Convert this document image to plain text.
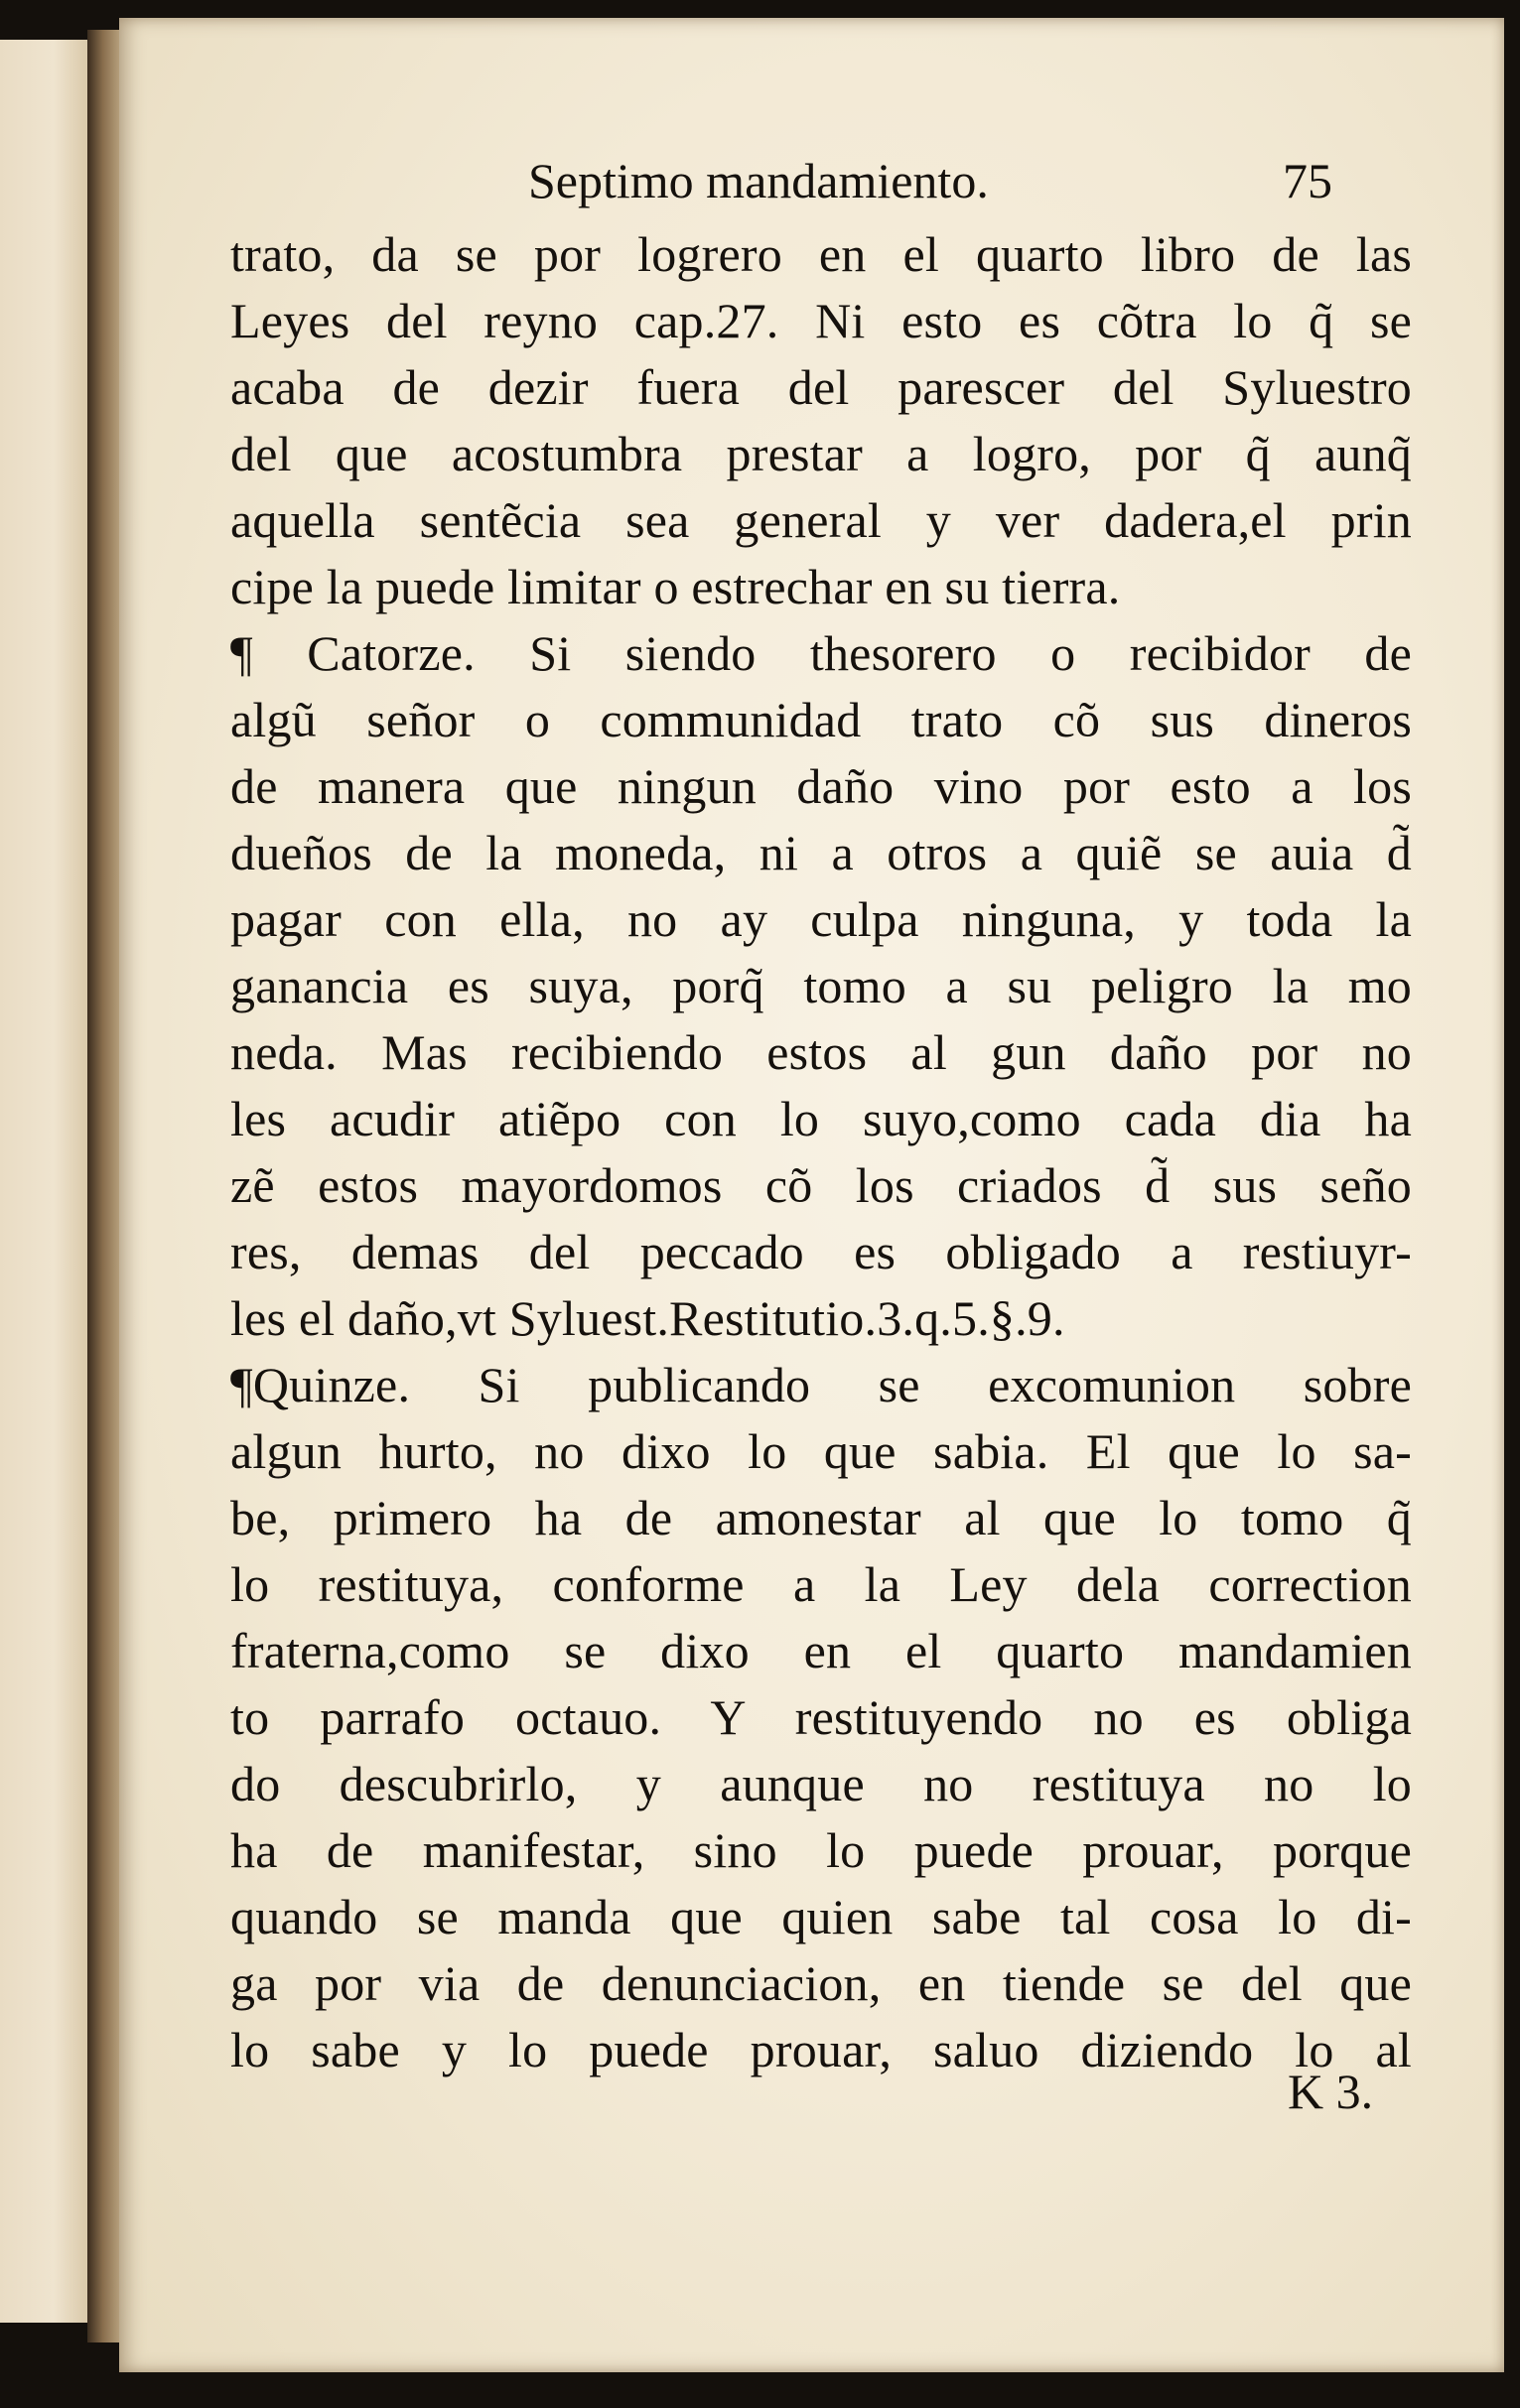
Septimo mandamiento.	75
trato, da se por logrero en el quarto libro de las
Leyes del reyno cap.27. Ni esto es cõtra lo q̃ se
acaba de dezir fuera del parescer del Syluestro
del que acostumbra prestar a logro, por q̃ aunq̃
aquella sentẽcia sea general y ver dadera,el prin
cipe la puede limitar o estrechar en su tierra.
¶ Catorze. Si siendo thesorero o recibidor de
algũ señor o communidad trato cõ sus dineros
de manera que ningun daño vino por esto a los
dueños de la moneda, ni a otros a quiẽ se auia d̃
pagar con ella, no ay culpa ninguna, y toda la
ganancia es suya, porq̃ tomo a su peligro la mo
neda. Mas recibiendo estos al gun daño por no
les acudir atiẽpo con lo suyo,como cada dia ha
zẽ estos mayordomos cõ los criados d̃ sus seño
res, demas del peccado es obligado a restiuyr-
les el daño,vt Syluest.Restitutio.3.q.5.§.9.
¶Quinze. Si publicando se excomunion sobre
algun hurto, no dixo lo que sabia. El que lo sa-
be, primero ha de amonestar al que lo tomo q̃
lo restituya, conforme a la Ley dela correction
fraterna,como se dixo en el quarto mandamien
to parrafo octauo. Y restituyendo no es obliga
do descubrirlo, y aunque no restituya no lo
ha de manifestar, sino lo puede prouar, porque
quando se manda que quien sabe tal cosa lo di-
ga por via de denunciacion, en tiende se del que
lo sabe y lo puede prouar, saluo diziendo lo al
K 3.
